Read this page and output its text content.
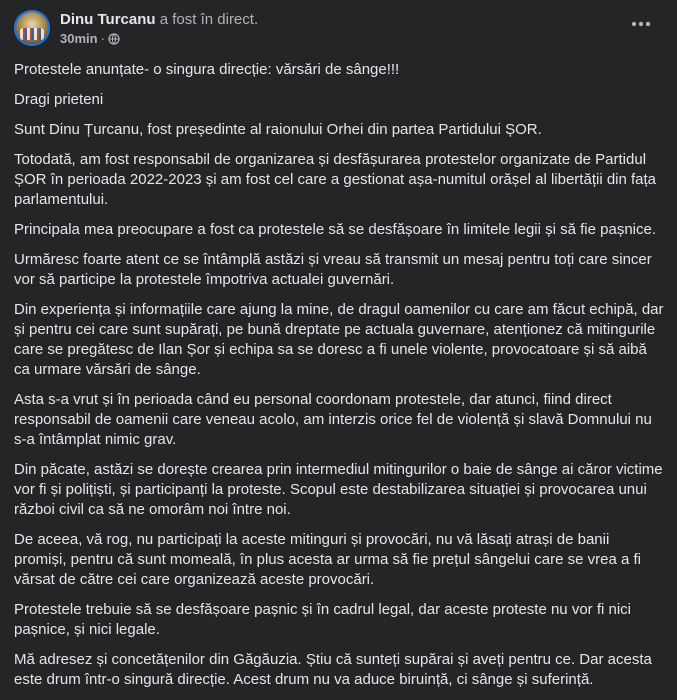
Dinu Turcanu a fost în direct.
30min ·

Protestele anunțate- o singura direcție: vărsări de sânge!!!

Dragi prieteni

Sunt Dinu Țurcanu, fost președinte al raionului Orhei din partea Partidului ȘOR.

Totodată, am fost responsabil de organizarea și desfășurarea protestelor organizate de Partidul ȘOR în perioada 2022-2023 și am fost cel care a gestionat așa-numitul orășel al libertății din fața parlamentului.

Principala mea preocupare a fost ca protestele să se desfășoare în limitele legii și să fie pașnice.

Urmăresc foarte atent ce se întâmplă astăzi și vreau să transmit un mesaj pentru toți care sincer vor să participe la protestele împotriva actualei guvernări.

Din experiența și informațiile care ajung la mine, de dragul oamenilor cu care am făcut echipă, dar și pentru cei care sunt supărați, pe bună dreptate pe actuala guvernare, atenționez că mitingurile care se pregătesc de Ilan Șor și echipa sa se doresc a fi unele violente, provocatoare și să aibă ca urmare vărsări de sânge.

Asta s-a vrut și în perioada când eu personal coordonam protestele, dar atunci, fiind direct responsabil de oamenii care veneau acolo, am interzis orice fel de violență și slavă Domnului nu s-a întâmplat nimic grav.

Din păcate, astăzi se dorește crearea prin intermediul mitingurilor o baie de sânge ai căror victime vor fi și polițiști, și participanți la proteste. Scopul este destabilizarea situației și provocarea unui război civil ca să ne omorâm noi între noi.

De aceea, vă rog, nu participați la aceste mitinguri și provocări, nu vă lăsați atrași de banii promiși, pentru că sunt momeală, în plus acesta ar urma să fie prețul sângelui care se vrea a fi vărsat de către cei care organizează aceste provocări.

Protestele trebuie să se desfășoare pașnic și în cadrul legal, dar aceste proteste nu vor fi nici pașnice, și nici legale.

Mă adresez și concetățenilor din Găgăuzia. Știu că sunteți supărai și aveți pentru ce. Dar acesta este drum într-o singură direcție. Acest drum nu va aduce biruință, ci sânge și suferință.
